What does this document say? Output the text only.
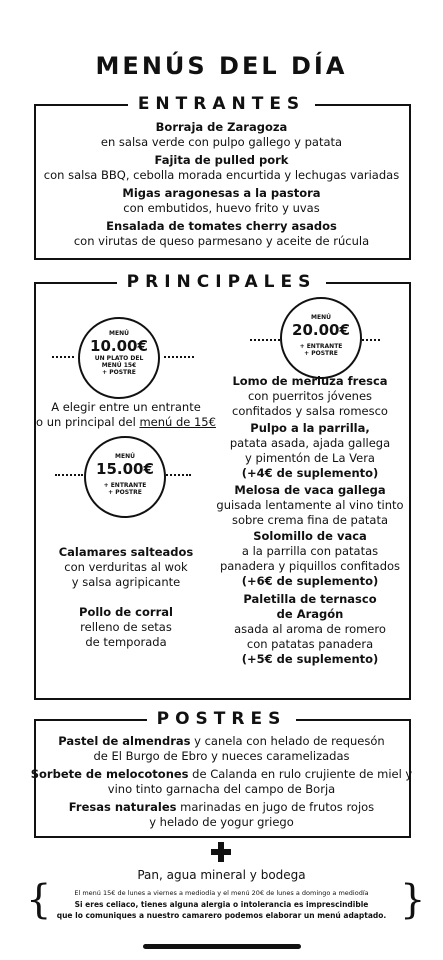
MENÚS DEL DÍA
ENTRANTES
Borraja de Zaragoza
en salsa verde con pulpo gallego y patata
Fajita de pulled pork
con salsa BBQ, cebolla morada encurtida y lechugas variadas
Migas aragonesas a la pastora
con embutidos, huevo frito y uvas
Ensalada de tomates cherry asados
con virutas de queso parmesano y aceite de rúcula
PRINCIPALES
MENÚ
10.00€
UN PLATO DEL
MENÚ 15€
+ POSTRE
A elegir entre un entrante
o un principal del menú de 15€
MENÚ
15.00€
+ ENTRANTE
+ POSTRE
MENÚ
20.00€
+ ENTRANTE
+ POSTRE
Calamares salteados
con verduritas al wok
y salsa agripicante
Pollo de corral
relleno de setas
de temporada
Lomo de merluza fresca
con puerritos jóvenes
confitados y salsa romesco
Pulpo a la parrilla,
patata asada, ajada gallega
y pimentón de La Vera
(+4€ de suplemento)
Melosa de vaca gallega
guisada lentamente al vino tinto
sobre crema fina de patata
Solomillo de vaca
a la parrilla con patatas
panadera y piquillos confitados
(+6€ de suplemento)
Paletilla de ternasco
de Aragón
asada al aroma de romero
con patatas panadera
(+5€ de suplemento)
POSTRES
Pastel de almendras y canela con helado de requesón
de El Burgo de Ebro y nueces caramelizadas
Sorbete de melocotones de Calanda en rulo crujiente de miel y
vino tinto garnacha del campo de Borja
Fresas naturales marinadas en jugo de frutos rojos
y helado de yogur griego
Pan, agua mineral y bodega
{	}
El menú 15€ de lunes a viernes a mediodía y el menú 20€ de lunes a domingo a mediodía
Si eres celiaco, tienes alguna alergia o intolerancia es imprescindible
que lo comuniques a nuestro camarero podemos elaborar un menú adaptado.
